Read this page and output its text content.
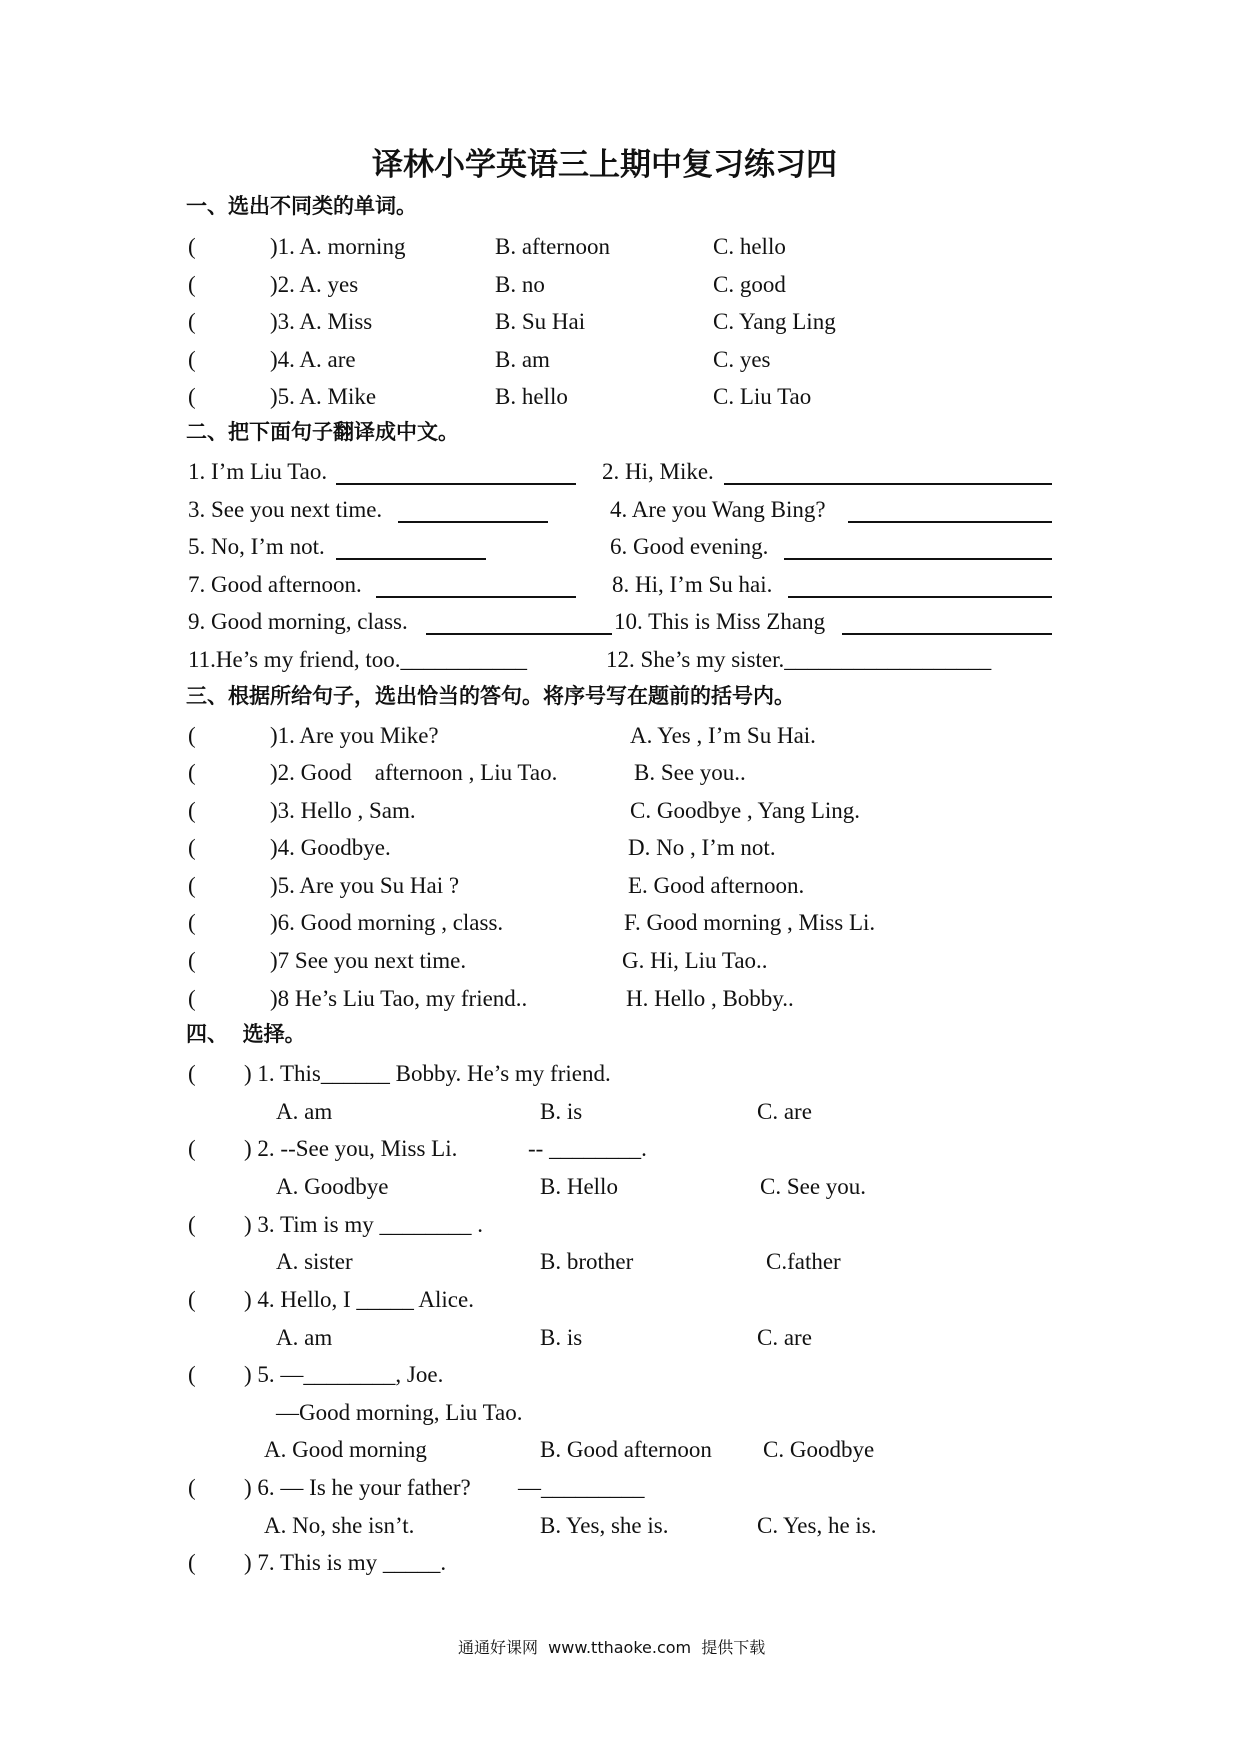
译林小学英语三上期中复习练习四
一、选出不同类的单词。
(	)1. A. morning	B. afternoon	C. hello
(	)2. A. yes	B. no	C. good
(	)3. A. Miss	B. Su Hai	C. Yang Ling
(	)4. A. are	B. am	C. yes
(	)5. A. Mike	B. hello	C. Liu Tao
二、把下面句子翻译成中文。
1. I’m Liu Tao.	2. Hi, Mike.
3. See you next time.	4. Are you Wang Bing?
5. No, I’m not.	6. Good evening.
7. Good afternoon.	8. Hi, I’m Su hai.
9. Good morning, class.	10. This is Miss Zhang
11.He’s my friend, too.___________	12. She’s my sister.__________________
三、根据所给句子，选出恰当的答句。将序号写在题前的括号内。
(	)1. Are you Mike?	A. Yes , I’m Su Hai.
(	)2. Good    afternoon , Liu Tao.	B. See you..
(	)3. Hello , Sam.	C. Goodbye , Yang Ling.
(	)4. Goodbye.	D. No , I’m not.
(	)5. Are you Su Hai ?	E. Good afternoon.
(	)6. Good morning , class.	F. Good morning , Miss Li.
(	)7 See you next time.	G. Hi, Liu Tao..
(	)8 He’s Liu Tao, my friend..	H. Hello , Bobby..
四、  选择。
( ) 1. This______ Bobby. He’s my friend.
A. am	B. is	C. are
( ) 2. --See you, Miss Li.	-- ________.
A. Goodbye	B. Hello	C. See you.
( ) 3. Tim is my ________ .
A. sister	B. brother	C.father
( ) 4. Hello, I _____ Alice.
A. am	B. is	C. are
( ) 5. —________, Joe.
—Good morning, Liu Tao.
A. Good morning	B. Good afternoon C. Goodbye
( ) 6. — Is he your father? —_________
A. No, she isn’t.	B. Yes, she is.	C. Yes, he is.
( ) 7. This is my _____.
通通好课网  www.tthaoke.com  提供下载
